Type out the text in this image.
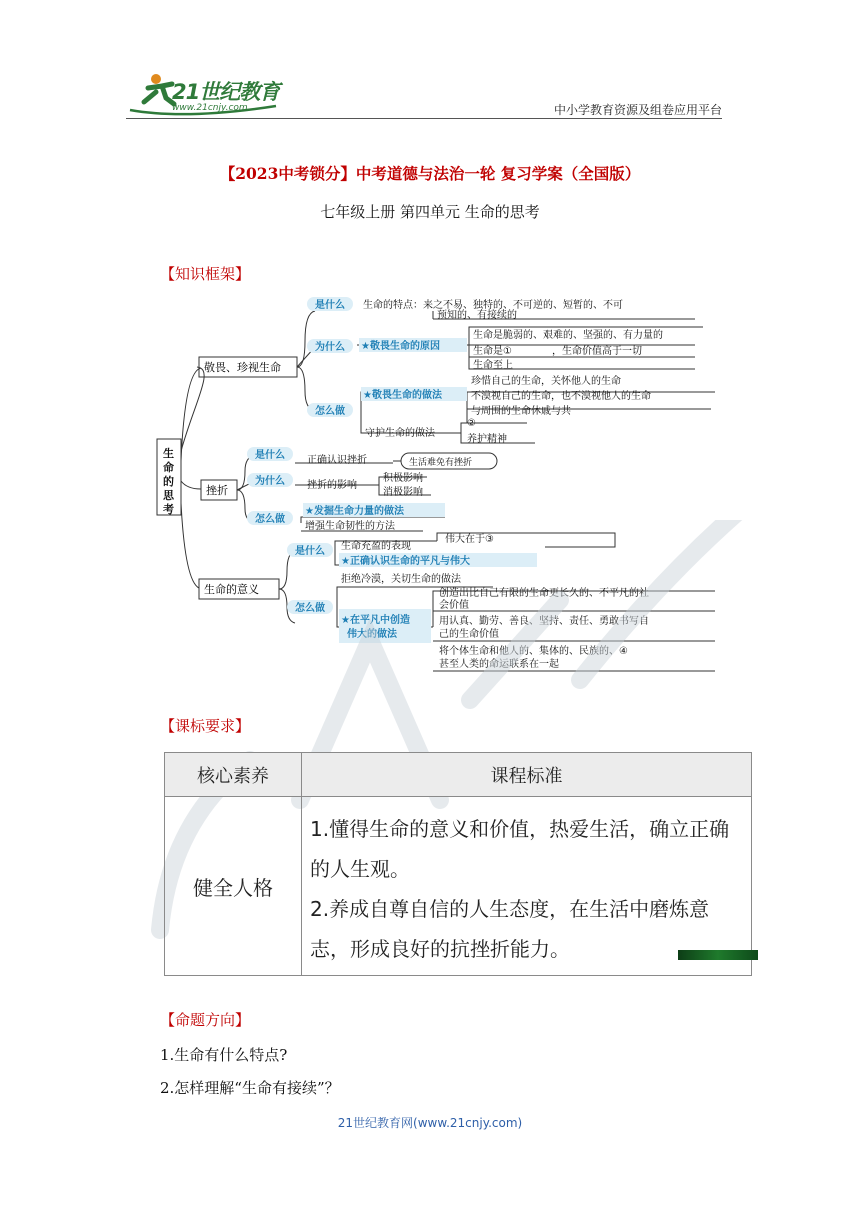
21世纪教育
www.21cnjy.com	中小学教育资源及组卷应用平台
【2023中考锁分】中考道德与法治一轮 复习学案（全国版）
七年级上册 第四单元 生命的思考
【知识框架】
生
命
的
思
考
敬畏、珍视生命
挫折
生命的意义
是什么
为什么
怎么做
★敬畏生命的原因
★敬畏生命的做法
是什么
为什么
怎么做
★发掘生命力量的做法
是什么
怎么做
★正确认识生命的平凡与伟大
★在平凡中创造
伟大的做法
生命的特点：来之不易、独特的、不可逆的、短暂的、不可
预知的、有接续的
生命是脆弱的、艰难的、坚强的、有力量的
生命是①　　　　，生命价值高于一切
生命至上
珍惜自己的生命，关怀他人的生命
不漠视自己的生命，也不漠视他人的生命
与周围的生命休戚与共
守护生命的做法
②
养护精神
正确认识挫折	生活难免有挫折
挫折的影响
积极影响
消极影响
增强生命韧性的方法
生命充盈的表现
伟大在于③
拒绝冷漠，关切生命的做法
创造出比自己有限的生命更长久的、不平凡的社
会价值
用认真、勤劳、善良、坚持、责任、勇敢书写自
己的生命价值
将个体生命和他人的、集体的、民族的、④
甚至人类的命运联系在一起
【课标要求】
核心素养	课程标准
健全人格	1.懂得生命的意义和价值，热爱生活，确立正确的人生观。
2.养成自尊自信的人生态度，在生活中磨炼意志，形成良好的抗挫折能力。
【命题方向】
1.生命有什么特点?
2.怎样理解“生命有接续”？
21世纪教育网(www.21cnjy.com)
